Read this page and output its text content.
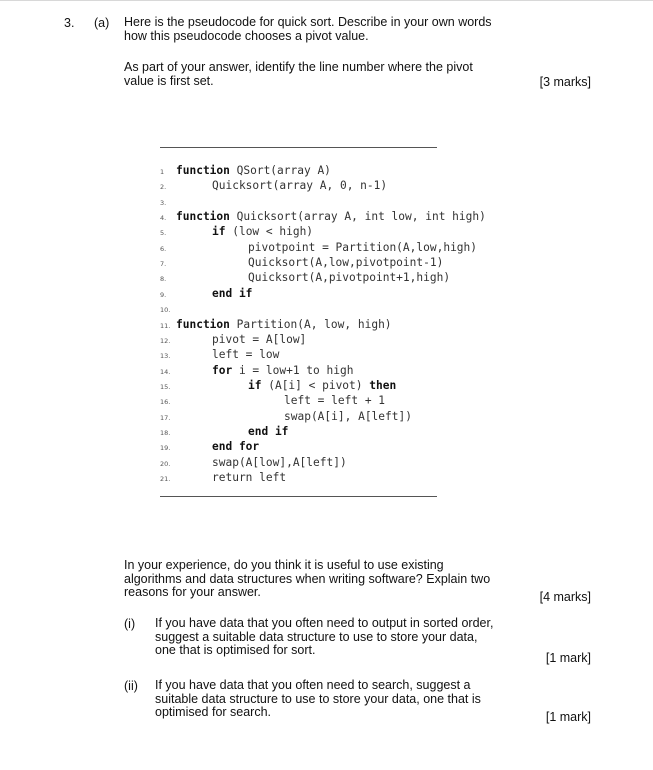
3. (a) Here is the pseudocode for quick sort. Describe in your own words
how this pseudocode chooses a pivot value.
As part of your answer, identify the line number where the pivot
value is first set.	[3 marks]
1 function QSort(array A)
2.	Quicksort(array A, 0, n-1)
3.
4. function Quicksort(array A, int low, int high)
5.	if (low < high)
6.	pivotpoint = Partition(A,low,high)
7.	Quicksort(A,low,pivotpoint-1)
8.	Quicksort(A,pivotpoint+1,high)
9.	end if
10.
11. function Partition(A, low, high)
12.	pivot = A[low]
13.	left = low
14.	for i = low+1 to high
15.	if (A[i] < pivot) then
16.	left = left + 1
17.	swap(A[i], A[left])
18.	end if
19.	end for
20.	swap(A[low],A[left])
21.	return left
In your experience, do you think it is useful to use existing
algorithms and data structures when writing software? Explain two
reasons for your answer.	[4 marks]
(i) If you have data that you often need to output in sorted order,
suggest a suitable data structure to use to store your data,
one that is optimised for sort.
[1 mark]
(ii) If you have data that you often need to search, suggest a
suitable data structure to use to store your data, one that is
optimised for search.	[1 mark]
